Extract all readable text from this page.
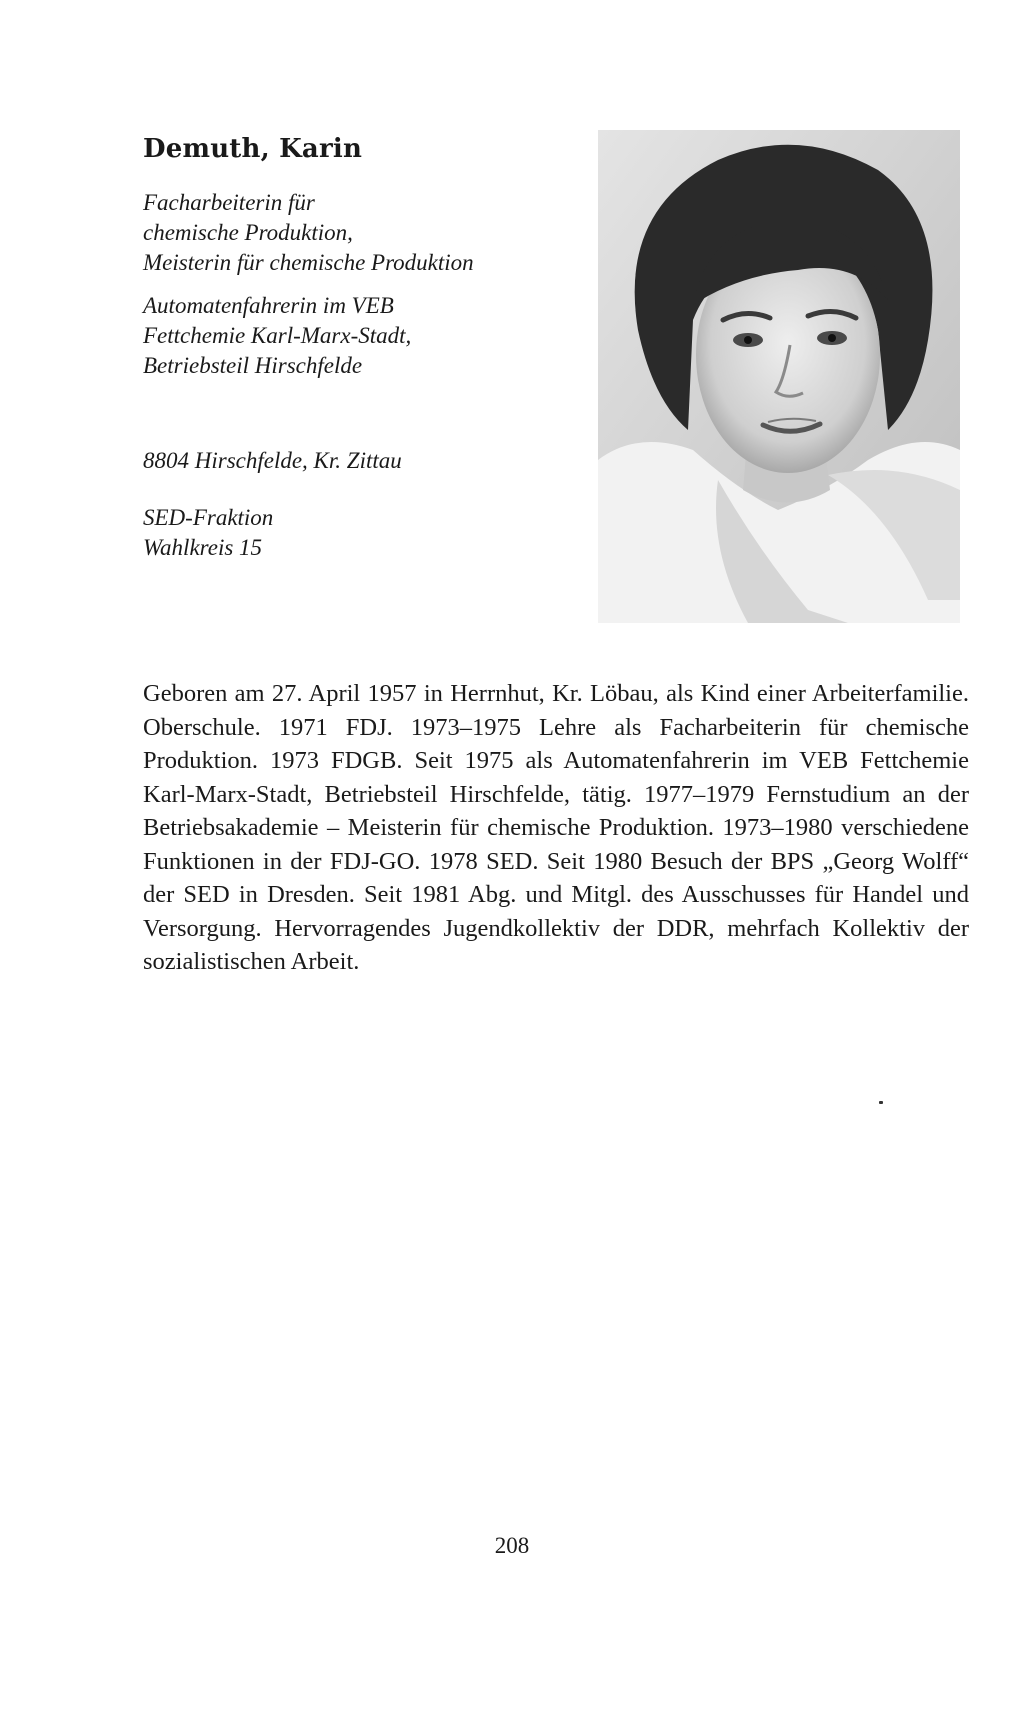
Demuth, Karin

Facharbeiterin für
chemische Produktion,
Meisterin für chemische Produktion

Automatenfahrerin im VEB
Fettchemie Karl-Marx-Stadt,
Betriebsteil Hirschfelde

8804 Hirschfelde, Kr. Zittau

SED-Fraktion
Wahlkreis 15

Geboren am 27. April 1957 in Herrnhut, Kr. Löbau, als Kind einer Arbeiterfamilie. Oberschule. 1971 FDJ. 1973–1975 Lehre als Facharbeiterin für chemische Produktion. 1973 FDGB. Seit 1975 als Automatenfahrerin im VEB Fettchemie Karl-Marx-Stadt, Betriebsteil Hirschfelde, tätig. 1977–1979 Fernstudium an der Betriebsakademie – Meisterin für chemische Produktion. 1973–1980 verschiedene Funktionen in der FDJ-GO. 1978 SED. Seit 1980 Besuch der BPS „Georg Wolff“ der SED in Dresden. Seit 1981 Abg. und Mitgl. des Ausschusses für Handel und Versorgung. Hervorragendes Jugendkollektiv der DDR, mehrfach Kollektiv der sozialistischen Arbeit.

208
